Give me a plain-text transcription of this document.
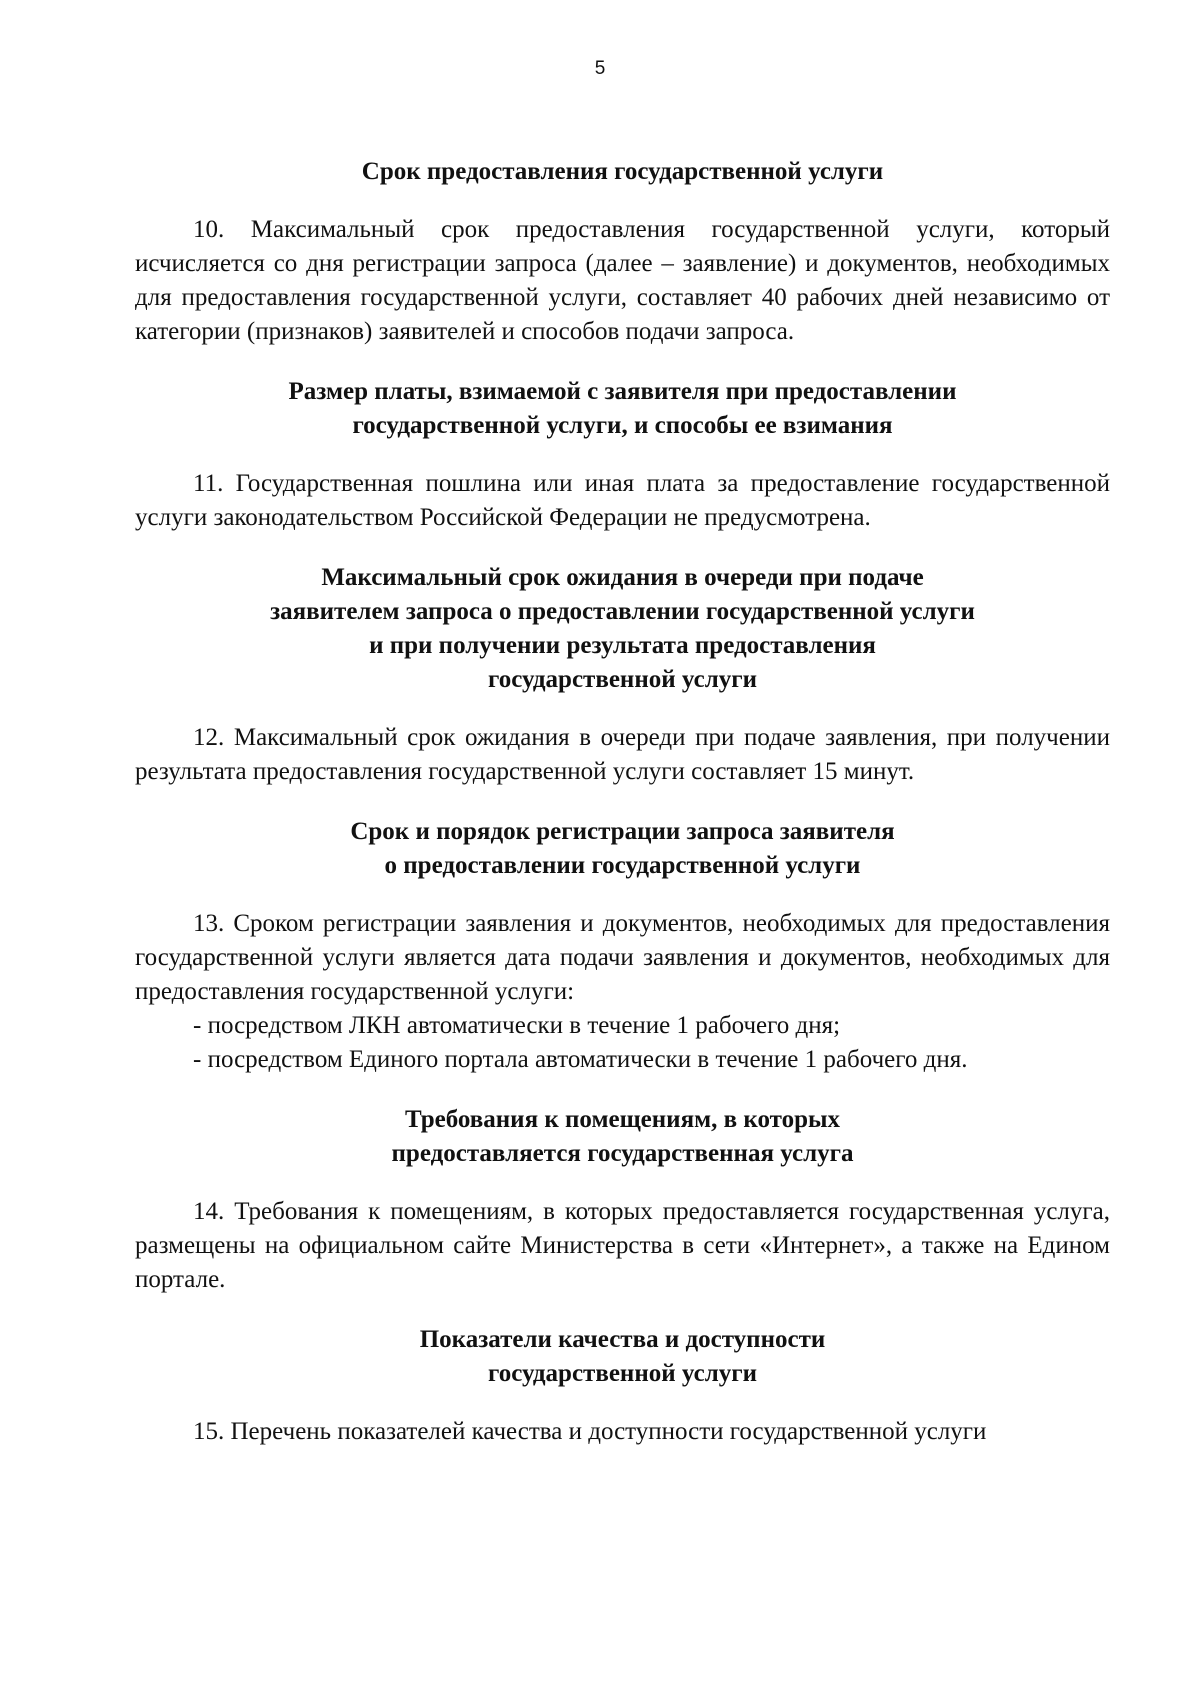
5
Срок предоставления государственной услуги

10. Максимальный срок предоставления государственной услуги, который исчисляется со дня регистрации запроса (далее – заявление) и документов, необходимых для предоставления государственной услуги, составляет 40 рабочих дней независимо от категории (признаков) заявителей и способов подачи запроса.

Размер платы, взимаемой с заявителя при предоставлении
государственной услуги, и способы ее взимания

11. Государственная пошлина или иная плата за предоставление государственной услуги законодательством Российской Федерации не предусмотрена.

Максимальный срок ожидания в очереди при подаче
заявителем запроса о предоставлении государственной услуги
и при получении результата предоставления
государственной услуги

12. Максимальный срок ожидания в очереди при подаче заявления, при получении результата предоставления государственной услуги составляет 15 минут.

Срок и порядок регистрации запроса заявителя
о предоставлении государственной услуги

13. Сроком регистрации заявления и документов, необходимых для предоставления государственной услуги является дата подачи заявления и документов, необходимых для предоставления государственной услуги:

- посредством ЛКН автоматически в течение 1 рабочего дня;

- посредством Единого портала автоматически в течение 1 рабочего дня.

Требования к помещениям, в которых
предоставляется государственная услуга

14. Требования к помещениям, в которых предоставляется государственная услуга, размещены на официальном сайте Министерства в сети «Интернет», а также на Едином портале.

Показатели качества и доступности
государственной услуги

15. Перечень показателей качества и доступности государственной услуги
